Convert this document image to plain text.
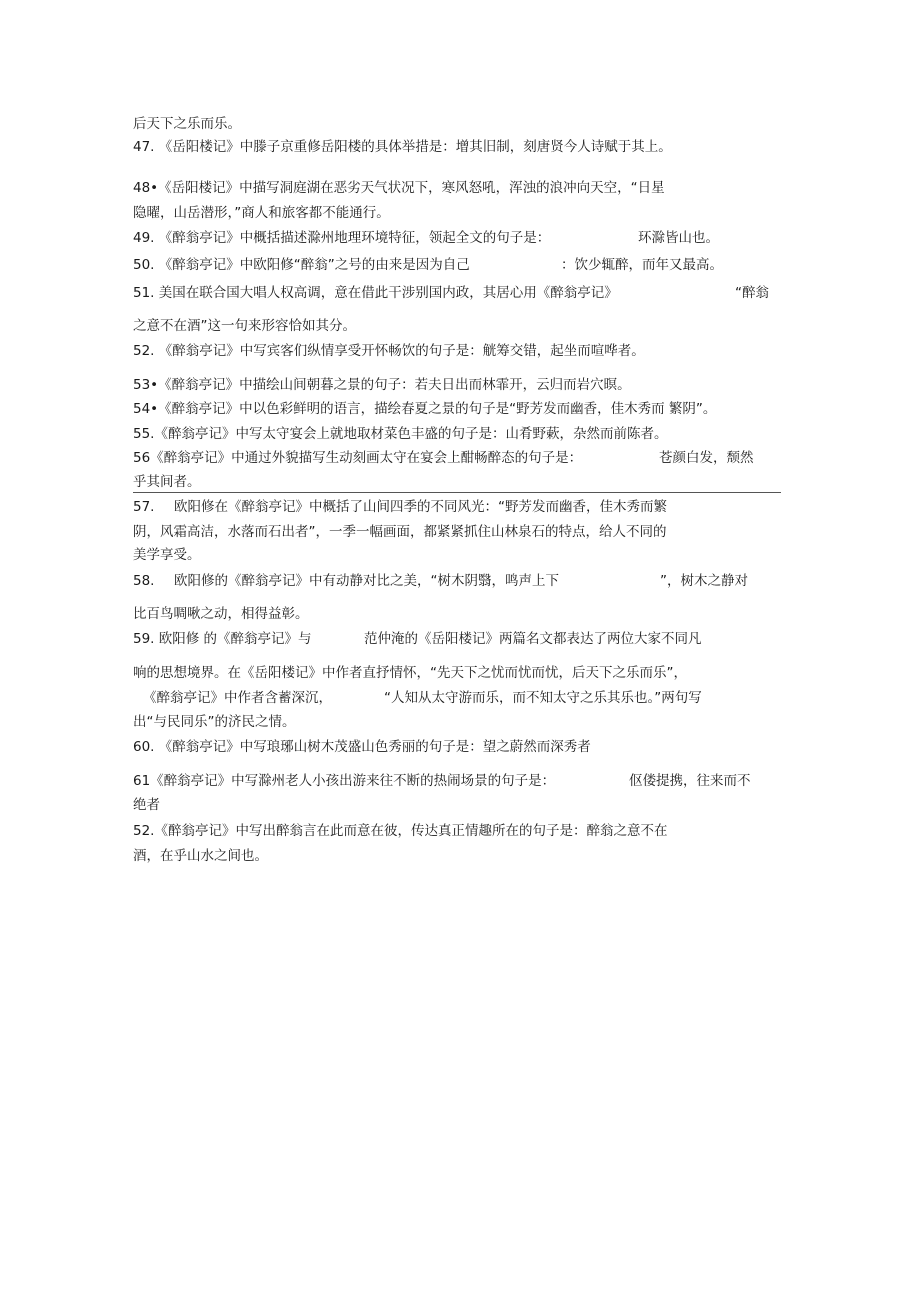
后天下之乐而乐。
47. 《岳阳楼记》中滕子京重修岳阳楼的具体举措是：增其旧制，刻唐贤今人诗赋于其上。
48•《岳阳楼记》中描写洞庭湖在恶劣天气状况下，寒风怒吼，浑浊的浪冲向天空，“日星
隐曜，山岳潜形，”商人和旅客都不能通行。
49. 《醉翁亭记》中概括描述滁州地理环境特征，领起全文的句子是：	环滁皆山也。
50. 《醉翁亭记》中欧阳修“醉翁”之号的由来是因为自己	：饮少辄醉，而年又最高。
51. 美国在联合国大唱人权高调，意在借此干涉别国内政，其居心用《醉翁亭记》	“醉翁
之意不在酒”这一句来形容恰如其分。
52. 《醉翁亭记》中写宾客们纵情享受开怀畅饮的句子是：觥筹交错，起坐而喧哗者。
53•《醉翁亭记》中描绘山间朝暮之景的句子：若夫日出而林霏开，云归而岩穴暝。
54•《醉翁亭记》中以色彩鲜明的语言，描绘春夏之景的句子是“野芳发而幽香，佳木秀而 繁阴”。
55.《醉翁亭记》中写太守宴会上就地取材菜色丰盛的句子是：山肴野蔌，杂然而前陈者。
56《醉翁亭记》中通过外貌描写生动刻画太守在宴会上酣畅醉态的句子是：	苍颜白发，颓然
乎其间者。
57. 欧阳修在《醉翁亭记》中概括了山间四季的不同风光：“野芳发而幽香，佳木秀而繁
阴，风霜高洁，水落而石出者”，一季一幅画面，都紧紧抓住山林泉石的特点，给人不同的
美学享受。
58. 欧阳修的《醉翁亭记》中有动静对比之美，“树木阴翳，鸣声上下	”，树木之静对
比百鸟啁啾之动，相得益彰。
59. 欧阳修 的《醉翁亭记》与	范仲淹的《岳阳楼记》两篇名文都表达了两位大家不同凡
响的思想境界。在《岳阳楼记》中作者直抒情怀，“先天下之忧而忧而忧，后天下之乐而乐”，
《醉翁亭记》中作者含蓄深沉，	“人知从太守游而乐，而不知太守之乐其乐也。”两句写
出“与民同乐”的济民之情。
60. 《醉翁亭记》中写琅琊山树木茂盛山色秀丽的句子是：望之蔚然而深秀者
61《醉翁亭记》中写滁州老人小孩出游来往不断的热闹场景的句子是：	伛偻提携，往来而不
绝者
52.《醉翁亭记》中写出醉翁言在此而意在彼，传达真正情趣所在的句子是：醉翁之意不在
酒，在乎山水之间也。
